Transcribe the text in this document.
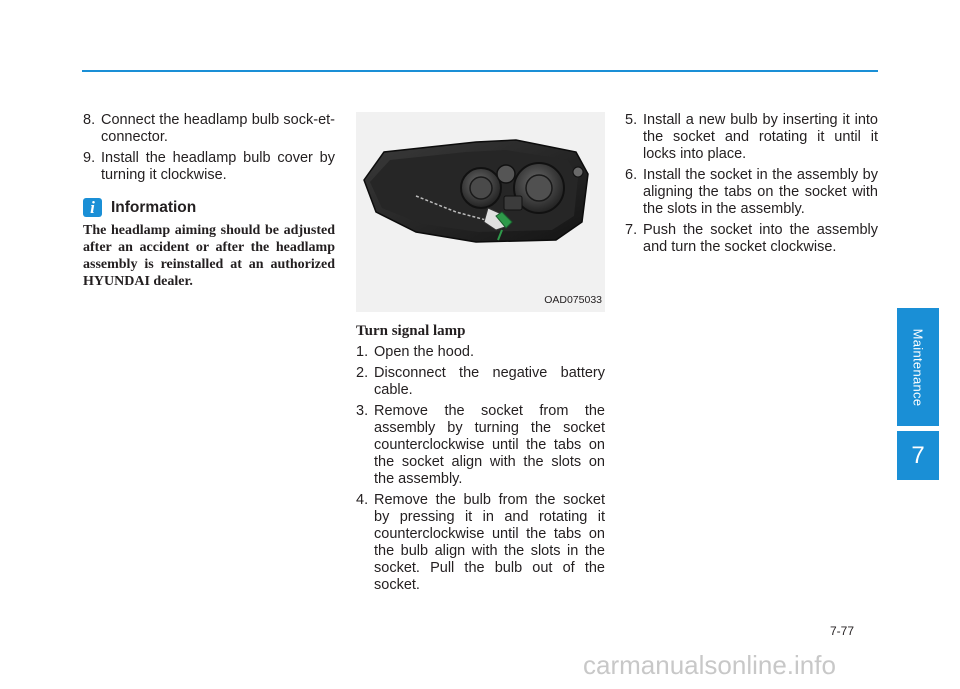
Maintenance
7
8. Connect the headlamp bulb sock-et-connector.
9. Install the headlamp bulb cover by turning it clockwise.
i	Information
The headlamp aiming should be adjusted after an accident or after the headlamp assembly is reinstalled at an authorized HYUNDAI dealer.
OAD075033
Turn signal lamp
1. Open the hood.
2. Disconnect the negative battery cable.
3. Remove the socket from the assembly by turning the socket counterclockwise until the tabs on the socket align with the slots on the assembly.
4. Remove the bulb from the socket by pressing it in and rotating it counterclockwise until the tabs on the bulb align with the slots in the socket. Pull the bulb out of the socket.
5. Install a new bulb by inserting it into the socket and rotating it until it locks into place.
6. Install the socket in the assembly by aligning the tabs on the socket with the slots in the assembly.
7. Push the socket into the assembly and turn the socket clockwise.
7-77
carmanualsonline.info
